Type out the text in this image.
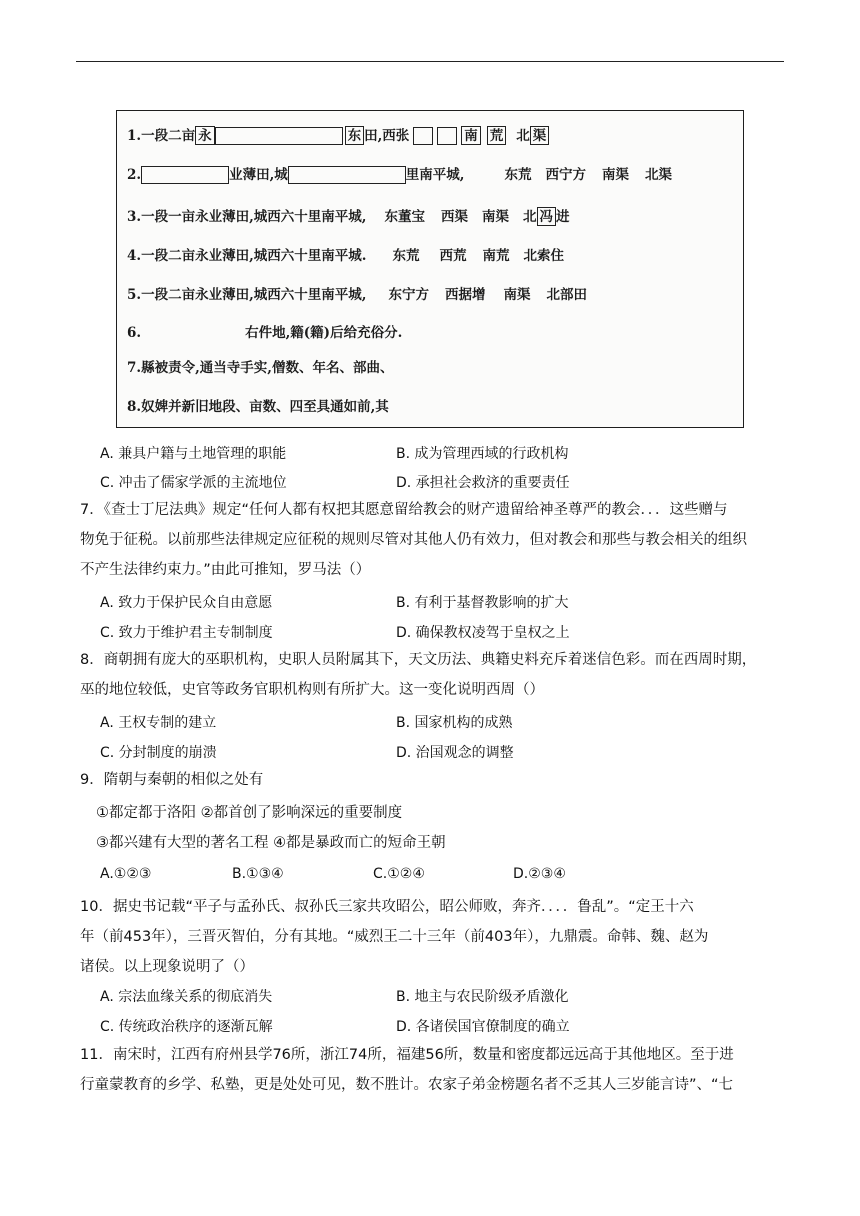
1.一段二亩 永	东 田,西张	南 荒 北 渠
2.	业薄田,城	里南平城,	东荒 西宁方 南渠 北渠
3.一段一亩永业薄田,城西六十里南平城, 东董宝 西渠 南渠 北 冯 进
4.一段二亩永业薄田,城西六十里南平城. 东荒 西荒 南荒 北索住
5.一段二亩永业薄田,城西六十里南平城, 东宁方 西据增 南渠 北部田
6.	右件地,籍(籍)后给充俗分.
7.縣被责令,通当寺手实,僧数、年名、部曲、
8.奴婢并新旧地段、亩数、四至具通如前,其
A. 兼具户籍与土地管理的职能	B. 成为管理西域的行政机构
C. 冲击了儒家学派的主流地位	D. 承担社会救济的重要责任
7．《查士丁尼法典》规定“任何人都有权把其愿意留给教会的财产遗留给神圣尊严的教会．．．这些赠与
物免于征税。以前那些法律规定应征税的规则尽管对其他人仍有效力，但对教会和那些与教会相关的组织
不产生法律约束力。”由此可推知，罗马法（）
A. 致力于保护民众自由意愿	B. 有利于基督教影响的扩大
C. 致力于维护君主专制制度	D. 确保教权凌驾于皇权之上
8．商朝拥有庞大的巫职机构，史职人员附属其下，天文历法、典籍史料充斥着迷信色彩。而在西周时期，
巫的地位较低，史官等政务官职机构则有所扩大。这一变化说明西周（）
A. 王权专制的建立	B. 国家机构的成熟
C. 分封制度的崩溃	D. 治国观念的调整
9．隋朝与秦朝的相似之处有
①都定都于洛阳 ②都首创了影响深远的重要制度
③都兴建有大型的著名工程 ④都是暴政而亡的短命王朝
A.①②③	B.①③④	C.①②④	D.②③④
10．据史书记载“平子与孟孙氏、叔孙氏三家共攻昭公，昭公师败，奔齐．．．．鲁乱”。“定王十六
年（前453年），三晋灭智伯，分有其地。“威烈王二十三年（前403年），九鼎震。命韩、魏、赵为
诸侯。以上现象说明了（）
A. 宗法血缘关系的彻底消失	B. 地主与农民阶级矛盾激化
C. 传统政治秩序的逐渐瓦解	D. 各诸侯国官僚制度的确立
11．南宋时，江西有府州县学76所，浙江74所，福建56所，数量和密度都远远高于其他地区。至于进
行童蒙教育的乡学、私塾，更是处处可见，数不胜计。农家子弟金榜题名者不乏其人三岁能言诗”、“七
